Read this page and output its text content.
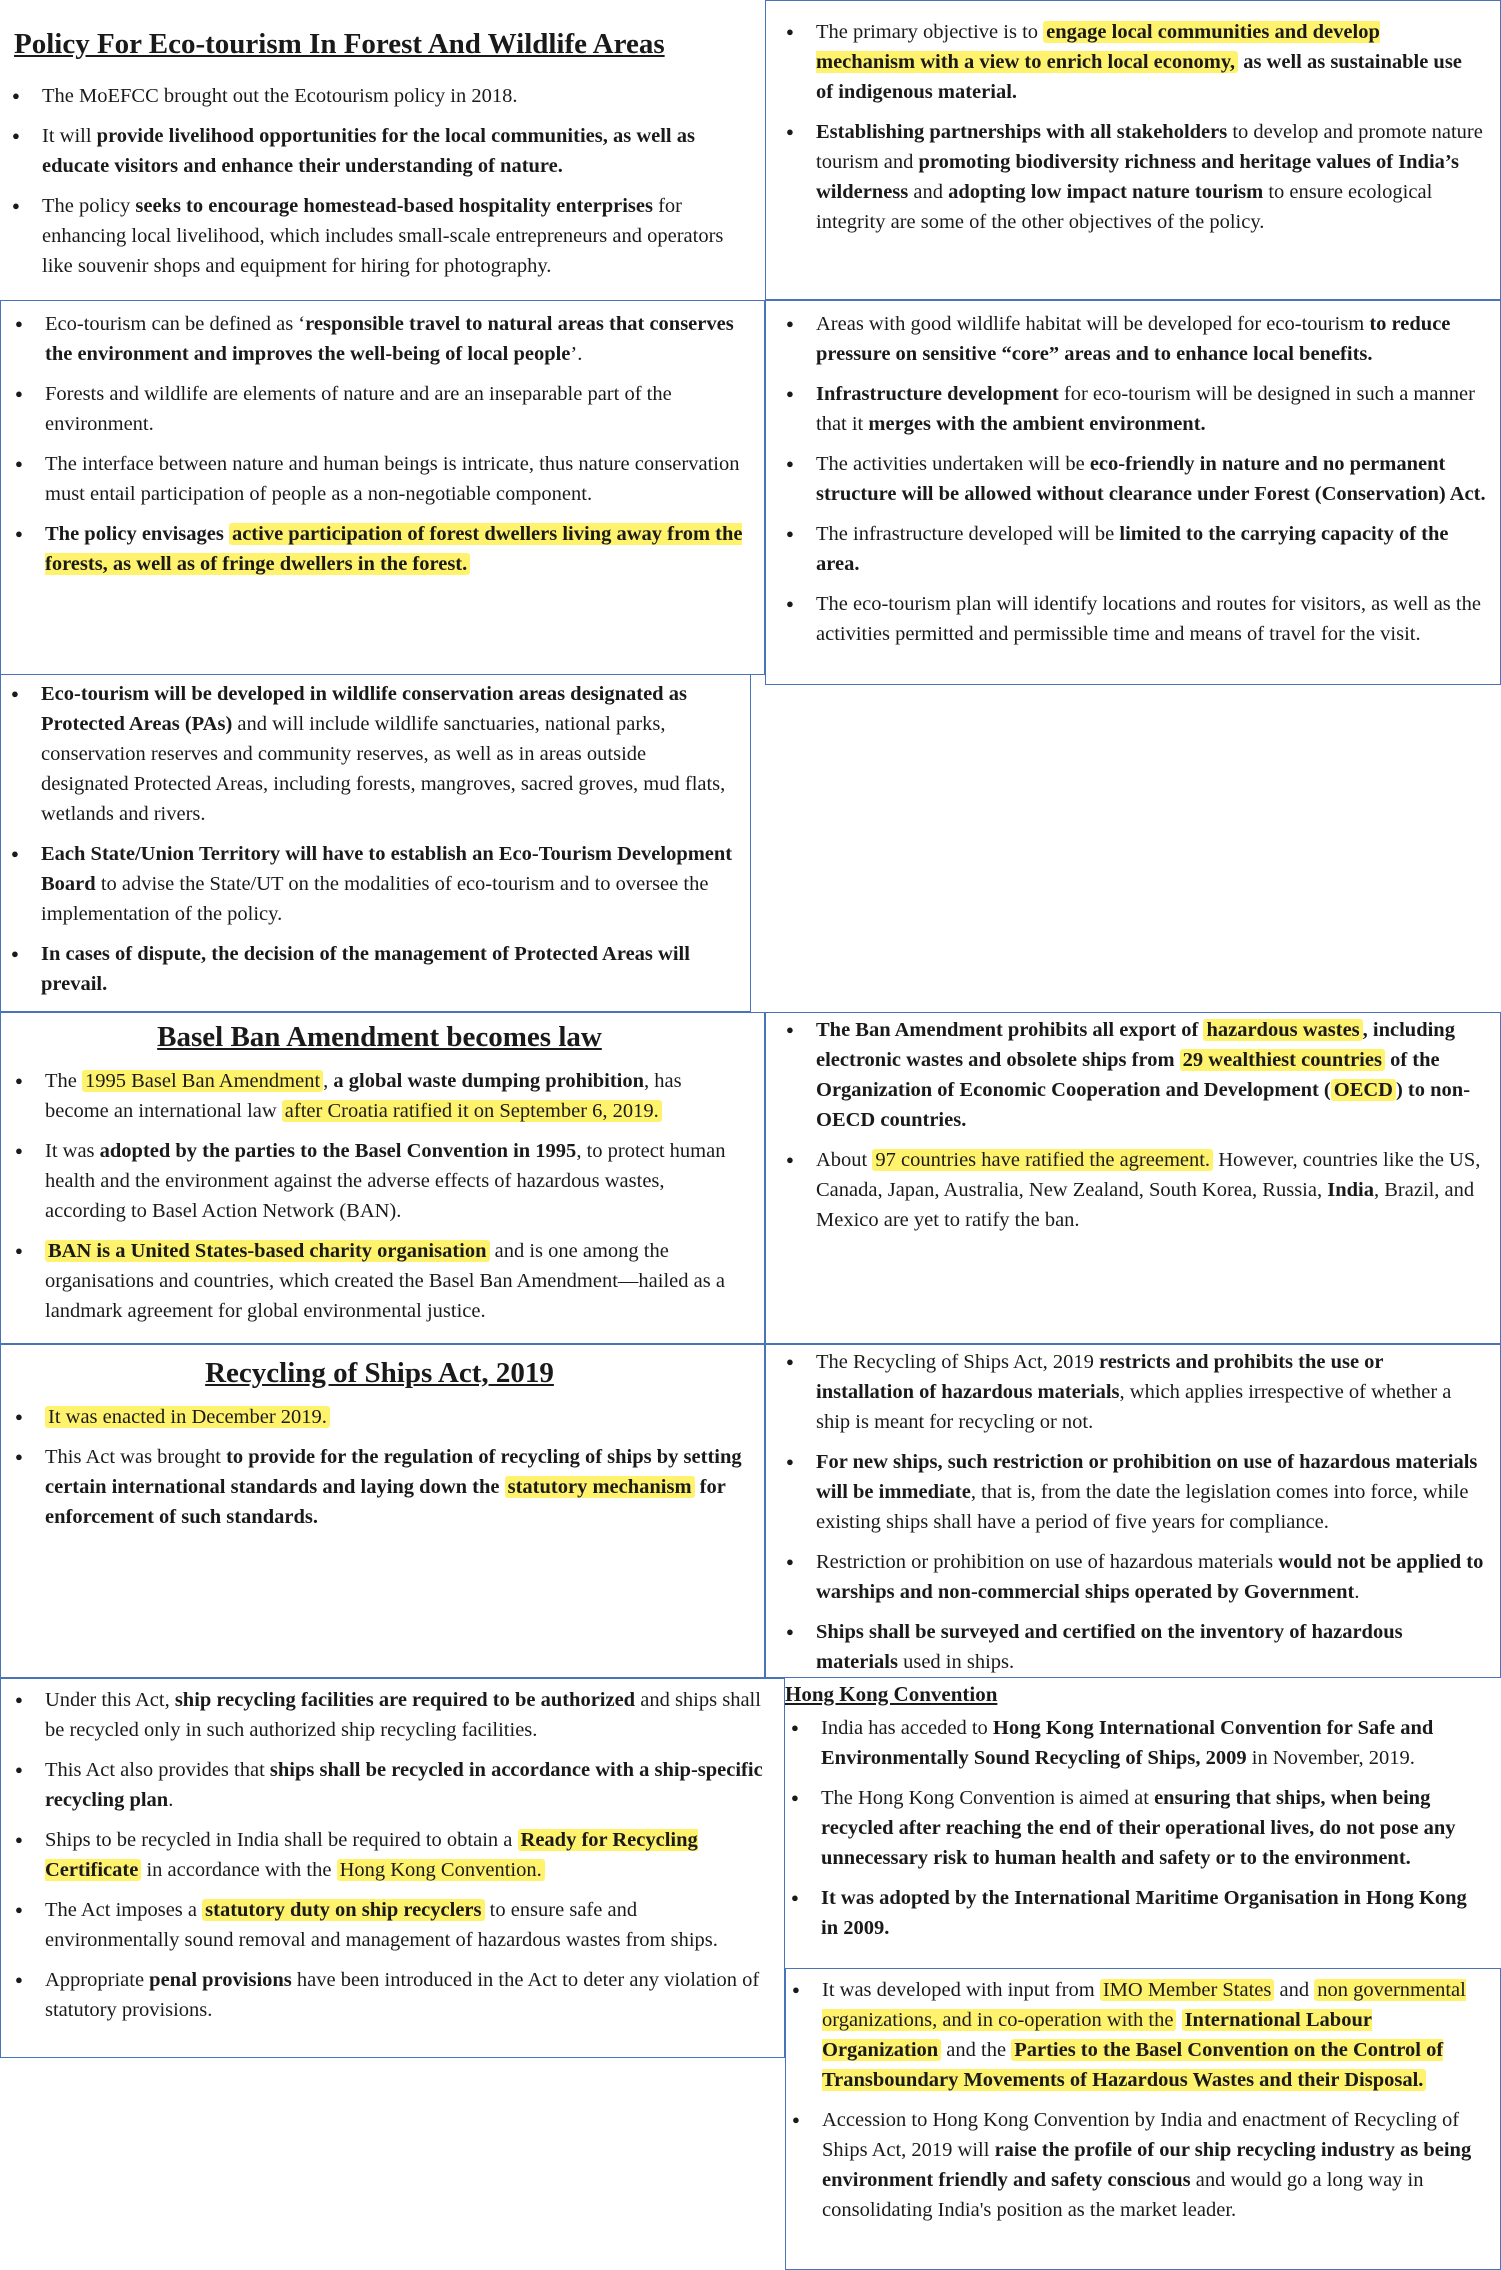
Policy For Eco-tourism In Forest And Wildlife Areas
● The MoEFCC brought out the Ecotourism policy in 2018.
● It will provide livelihood opportunities for the local communities, as well as educate visitors and enhance their understanding of nature.
● The policy seeks to encourage homestead-based hospitality enterprises for enhancing local livelihood, which includes small-scale entrepreneurs and operators like souvenir shops and equipment for hiring for photography.
● The primary objective is to engage local communities and develop mechanism with a view to enrich local economy, as well as sustainable use of indigenous material.
● Establishing partnerships with all stakeholders to develop and promote nature tourism and promoting biodiversity richness and heritage values of India’s wilderness and adopting low impact nature tourism to ensure ecological integrity are some of the other objectives of the policy.
● Eco-tourism can be defined as ‘responsible travel to natural areas that conserves the environment and improves the well-being of local people’.
● Forests and wildlife are elements of nature and are an inseparable part of the environment.
● The interface between nature and human beings is intricate, thus nature conservation must entail participation of people as a non-negotiable component.
● The policy envisages active participation of forest dwellers living away from the forests, as well as of fringe dwellers in the forest.
● Areas with good wildlife habitat will be developed for eco-tourism to reduce pressure on sensitive “core” areas and to enhance local benefits.
● Infrastructure development for eco-tourism will be designed in such a manner that it merges with the ambient environment.
● The activities undertaken will be eco-friendly in nature and no permanent structure will be allowed without clearance under Forest (Conservation) Act.
● The infrastructure developed will be limited to the carrying capacity of the area.
● The eco-tourism plan will identify locations and routes for visitors, as well as the activities permitted and permissible time and means of travel for the visit.
● Eco-tourism will be developed in wildlife conservation areas designated as Protected Areas (PAs) and will include wildlife sanctuaries, national parks, conservation reserves and community reserves, as well as in areas outside designated Protected Areas, including forests, mangroves, sacred groves, mud flats, wetlands and rivers.
● Each State/Union Territory will have to establish an Eco-Tourism Development Board to advise the State/UT on the modalities of eco-tourism and to oversee the implementation of the policy.
● In cases of dispute, the decision of the management of Protected Areas will prevail.
Basel Ban Amendment becomes law
● The 1995 Basel Ban Amendment , a global waste dumping prohibition, has become an international law after Croatia ratified it on September 6, 2019.
● It was adopted by the parties to the Basel Convention in 1995, to protect human health and the environment against the adverse effects of hazardous wastes, according to Basel Action Network (BAN).
● BAN is a United States-based charity organisation and is one among the organisations and countries, which created the Basel Ban Amendment—hailed as a landmark agreement for global environmental justice.
● The Ban Amendment prohibits all export of hazardous wastes , including electronic wastes and obsolete ships from 29 wealthiest countries of the Organization of Economic Cooperation and Development ( OECD ) to non-OECD countries.
● About 97 countries have ratified the agreement. However, countries like the US, Canada, Japan, Australia, New Zealand, South Korea, Russia, India, Brazil, and Mexico are yet to ratify the ban.
Recycling of Ships Act, 2019
● It was enacted in December 2019.
● This Act was brought to provide for the regulation of recycling of ships by setting certain international standards and laying down the statutory mechanism for enforcement of such standards.
● The Recycling of Ships Act, 2019 restricts and prohibits the use or installation of hazardous materials, which applies irrespective of whether a ship is meant for recycling or not.
● For new ships, such restriction or prohibition on use of hazardous materials will be immediate, that is, from the date the legislation comes into force, while existing ships shall have a period of five years for compliance.
● Restriction or prohibition on use of hazardous materials would not be applied to warships and non-commercial ships operated by Government.
● Ships shall be surveyed and certified on the inventory of hazardous materials used in ships.
● Under this Act, ship recycling facilities are required to be authorized and ships shall be recycled only in such authorized ship recycling facilities.
● This Act also provides that ships shall be recycled in accordance with a ship-specific recycling plan.
● Ships to be recycled in India shall be required to obtain a Ready for Recycling Certificate in accordance with the Hong Kong Convention.
● The Act imposes a statutory duty on ship recyclers to ensure safe and environmentally sound removal and management of hazardous wastes from ships.
● Appropriate penal provisions have been introduced in the Act to deter any violation of statutory provisions.
Hong Kong Convention
● India has acceded to Hong Kong International Convention for Safe and Environmentally Sound Recycling of Ships, 2009 in November, 2019.
● The Hong Kong Convention is aimed at ensuring that ships, when being recycled after reaching the end of their operational lives, do not pose any unnecessary risk to human health and safety or to the environment.
● It was adopted by the International Maritime Organisation in Hong Kong in 2009.
● It was developed with input from IMO Member States and non governmental organizations, and in co-operation with the International Labour Organization and the Parties to the Basel Convention on the Control of Transboundary Movements of Hazardous Wastes and their Disposal.
● Accession to Hong Kong Convention by India and enactment of Recycling of Ships Act, 2019 will raise the profile of our ship recycling industry as being environment friendly and safety conscious and would go a long way in consolidating India's position as the market leader.
